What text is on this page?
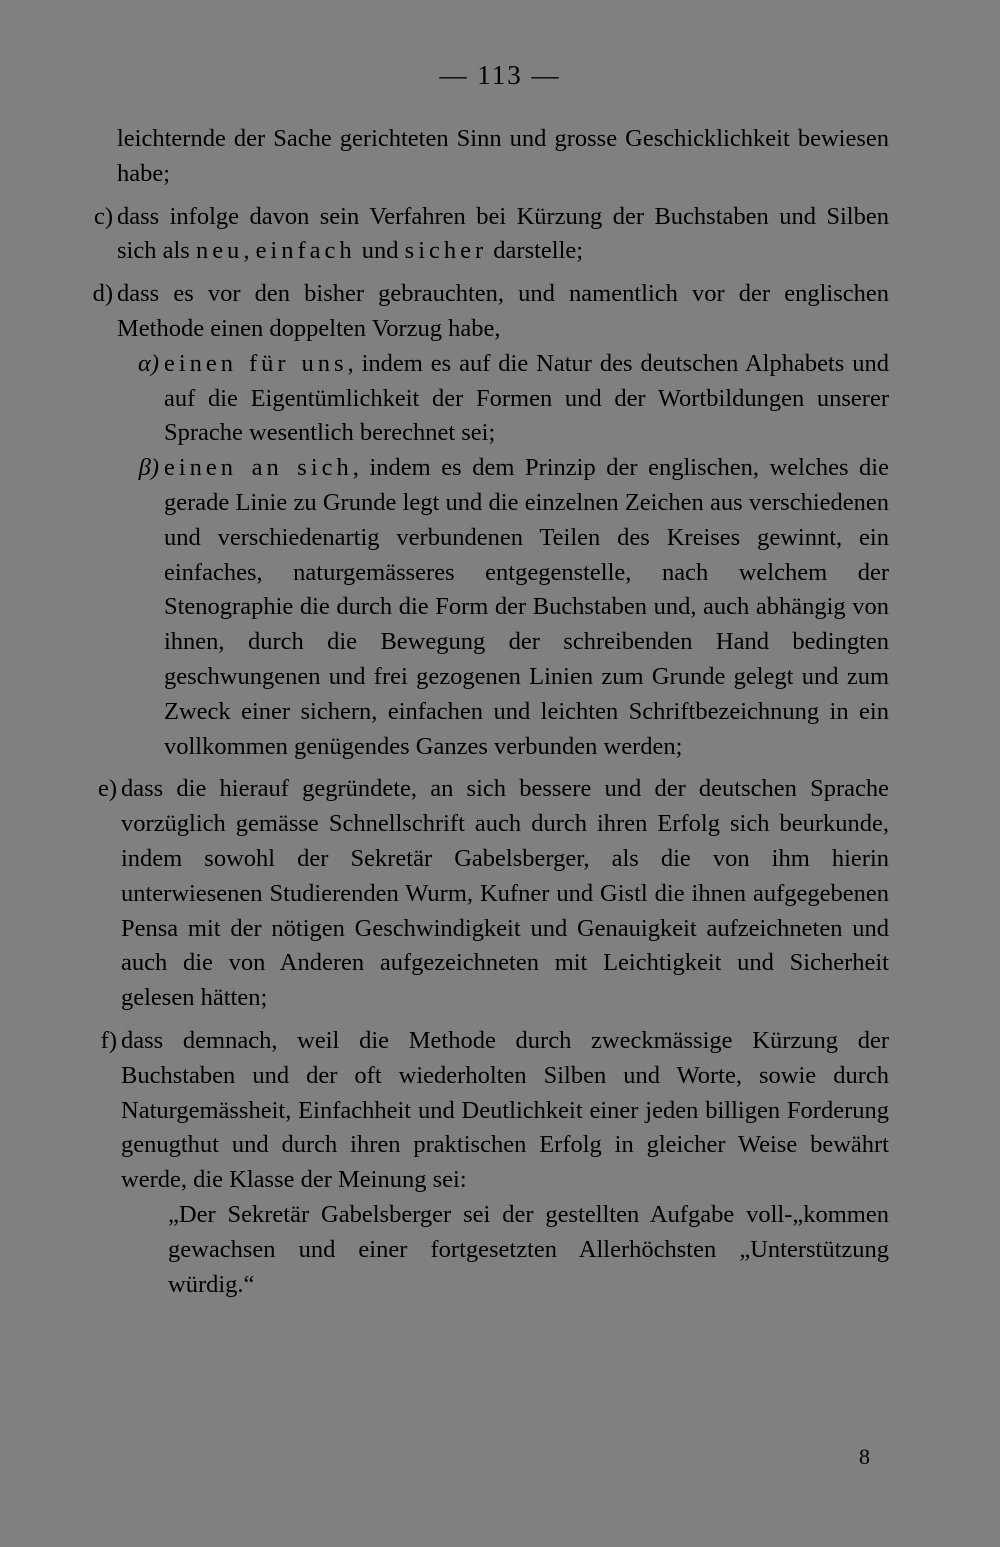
— 113 —
leichternde der Sache gerichteten Sinn und grosse Geschicklichkeit bewiesen habe;
c) dass infolge davon sein Verfahren bei Kürzung der Buchstaben und Silben sich als neu, einfach und sicher darstelle;
d) dass es vor den bisher gebrauchten, und namentlich vor der englischen Methode einen doppelten Vorzug habe,
α) einen für uns, indem es auf die Natur des deutschen Alphabets und auf die Eigentümlichkeit der Formen und der Wortbildungen unserer Sprache wesentlich berechnet sei;
β) einen an sich, indem es dem Prinzip der englischen, welches die gerade Linie zu Grunde legt und die einzelnen Zeichen aus verschiedenen und verschiedenartig verbundenen Teilen des Kreises gewinnt, ein einfaches, naturgemässeres entgegenstelle, nach welchem der Stenographie die durch die Form der Buchstaben und, auch abhängig von ihnen, durch die Bewegung der schreibenden Hand bedingten geschwungenen und frei gezogenen Linien zum Grunde gelegt und zum Zweck einer sichern, einfachen und leichten Schriftbezeichnung in ein vollkommen genügendes Ganzes verbunden werden;
e) dass die hierauf gegründete, an sich bessere und der deutschen Sprache vorzüglich gemässe Schnellschrift auch durch ihren Erfolg sich beurkunde, indem sowohl der Sekretär Gabelsberger, als die von ihm hierin unterwiesenen Studierenden Wurm, Kufner und Gistl die ihnen aufgegebenen Pensa mit der nötigen Geschwindigkeit und Genauigkeit aufzeichneten und auch die von Anderen aufgezeichneten mit Leichtigkeit und Sicherheit gelesen hätten;
f) dass demnach, weil die Methode durch zweckmässige Kürzung der Buchstaben und der oft wiederholten Silben und Worte, sowie durch Naturgemässheit, Einfachheit und Deutlichkeit einer jeden billigen Forderung genugthut und durch ihren praktischen Erfolg in gleicher Weise bewährt werde, die Klasse der Meinung sei:
„Der Sekretär Gabelsberger sei der gestellten Aufgabe voll-„kommen gewachsen und einer fortgesetzten Allerhöchsten „Unterstützung würdig.“
8
